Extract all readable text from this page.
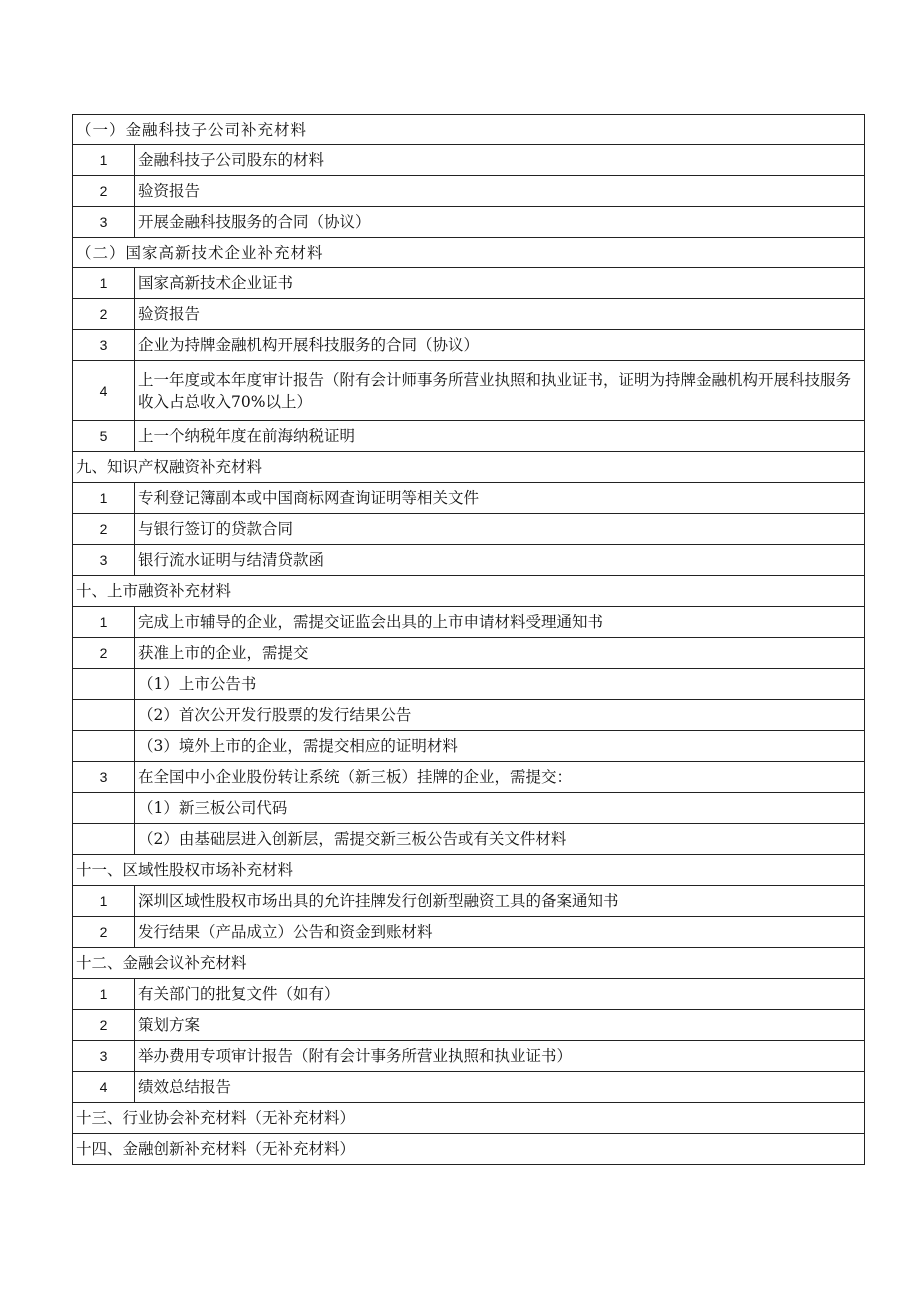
（一）金融科技子公司补充材料	
1	金融科技子公司股东的材料
2	验资报告
3	开展金融科技服务的合同（协议）
（二）国家高新技术企业补充材料	
1	国家高新技术企业证书
2	验资报告
3	企业为持牌金融机构开展科技服务的合同（协议）
4	上一年度或本年度审计报告（附有会计师事务所营业执照和执业证书，证明为持牌金融机构开展科技服务收入占总收入70%以上）
5	上一个纳税年度在前海纳税证明
九、知识产权融资补充材料	
1	专利登记簿副本或中国商标网查询证明等相关文件
2	与银行签订的贷款合同
3	银行流水证明与结清贷款函
十、上市融资补充材料	
1	完成上市辅导的企业，需提交证监会出具的上市申请材料受理通知书
2	获准上市的企业，需提交
	（1）上市公告书
	（2）首次公开发行股票的发行结果公告
	（3）境外上市的企业，需提交相应的证明材料
3	在全国中小企业股份转让系统（新三板）挂牌的企业，需提交：
	（1）新三板公司代码
	（2）由基础层进入创新层，需提交新三板公告或有关文件材料
十一、区域性股权市场补充材料	
1	深圳区域性股权市场出具的允许挂牌发行创新型融资工具的备案通知书
2	发行结果（产品成立）公告和资金到账材料
十二、金融会议补充材料	
1	有关部门的批复文件（如有）
2	策划方案
3	举办费用专项审计报告（附有会计事务所营业执照和执业证书）
4	绩效总结报告
十三、行业协会补充材料（无补充材料）	
十四、金融创新补充材料（无补充材料）	
